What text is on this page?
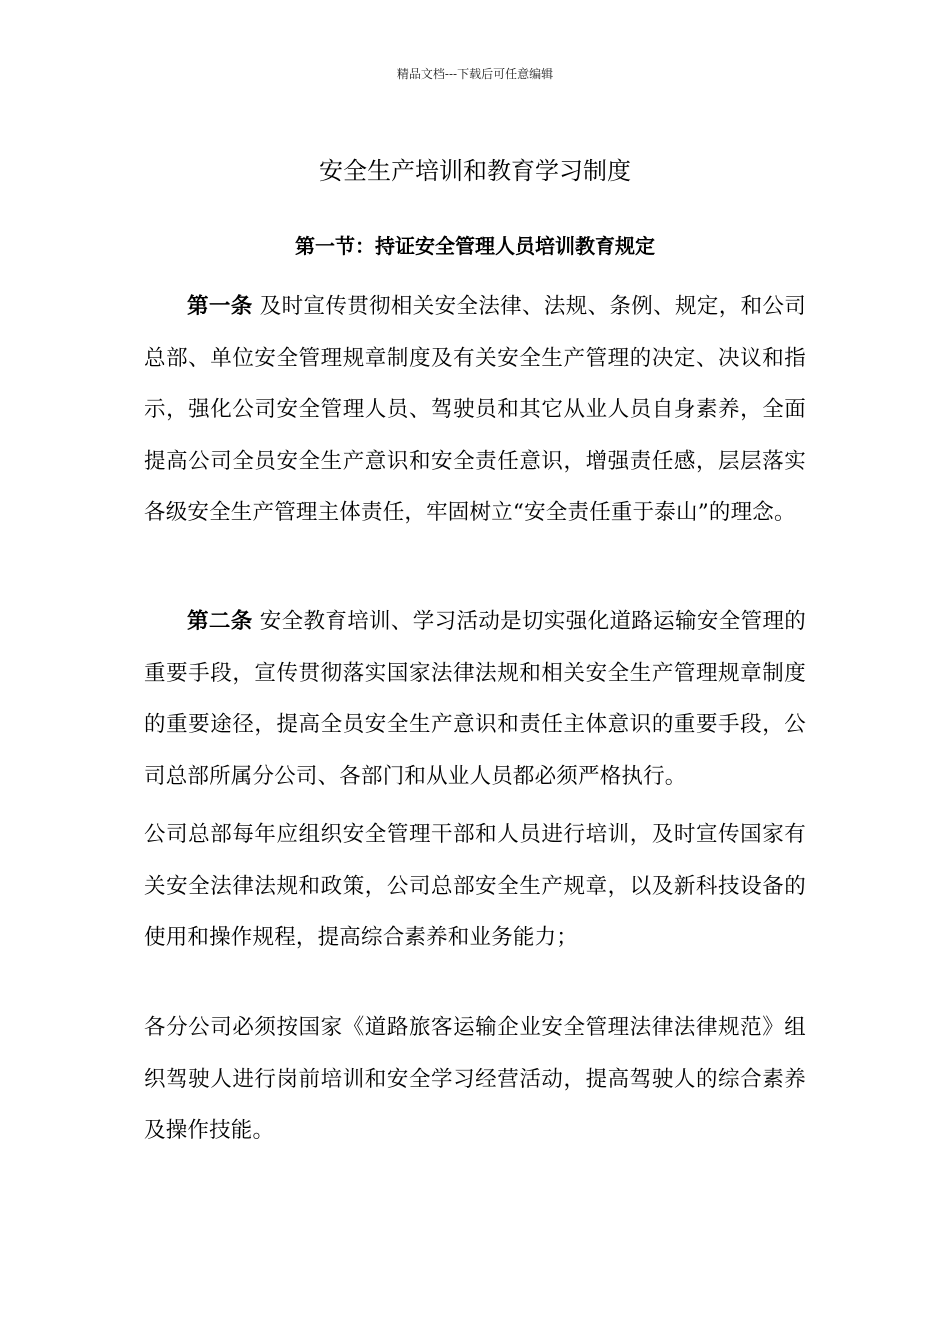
精品文档---下载后可任意编辑
安全生产培训和教育学习制度
第一节：持证安全管理人员培训教育规定

第一条 及时宣传贯彻相关安全法律、法规、条例、规定，和公司总部、单位安全管理规章制度及有关安全生产管理的决定、决议和指示，强化公司安全管理人员、驾驶员和其它从业人员自身素养，全面提高公司全员安全生产意识和安全责任意识，增强责任感，层层落实各级安全生产管理主体责任，牢固树立“安全责任重于泰山”的理念。

第二条 安全教育培训、学习活动是切实强化道路运输安全管理的重要手段，宣传贯彻落实国家法律法规和相关安全生产管理规章制度的重要途径，提高全员安全生产意识和责任主体意识的重要手段，公司总部所属分公司、各部门和从业人员都必须严格执行。

公司总部每年应组织安全管理干部和人员进行培训，及时宣传国家有关安全法律法规和政策，公司总部安全生产规章，以及新科技设备的使用和操作规程，提高综合素养和业务能力；

各分公司必须按国家《道路旅客运输企业安全管理法律法律规范》组织驾驶人进行岗前培训和安全学习经营活动，提高驾驶人的综合素养及操作技能。
